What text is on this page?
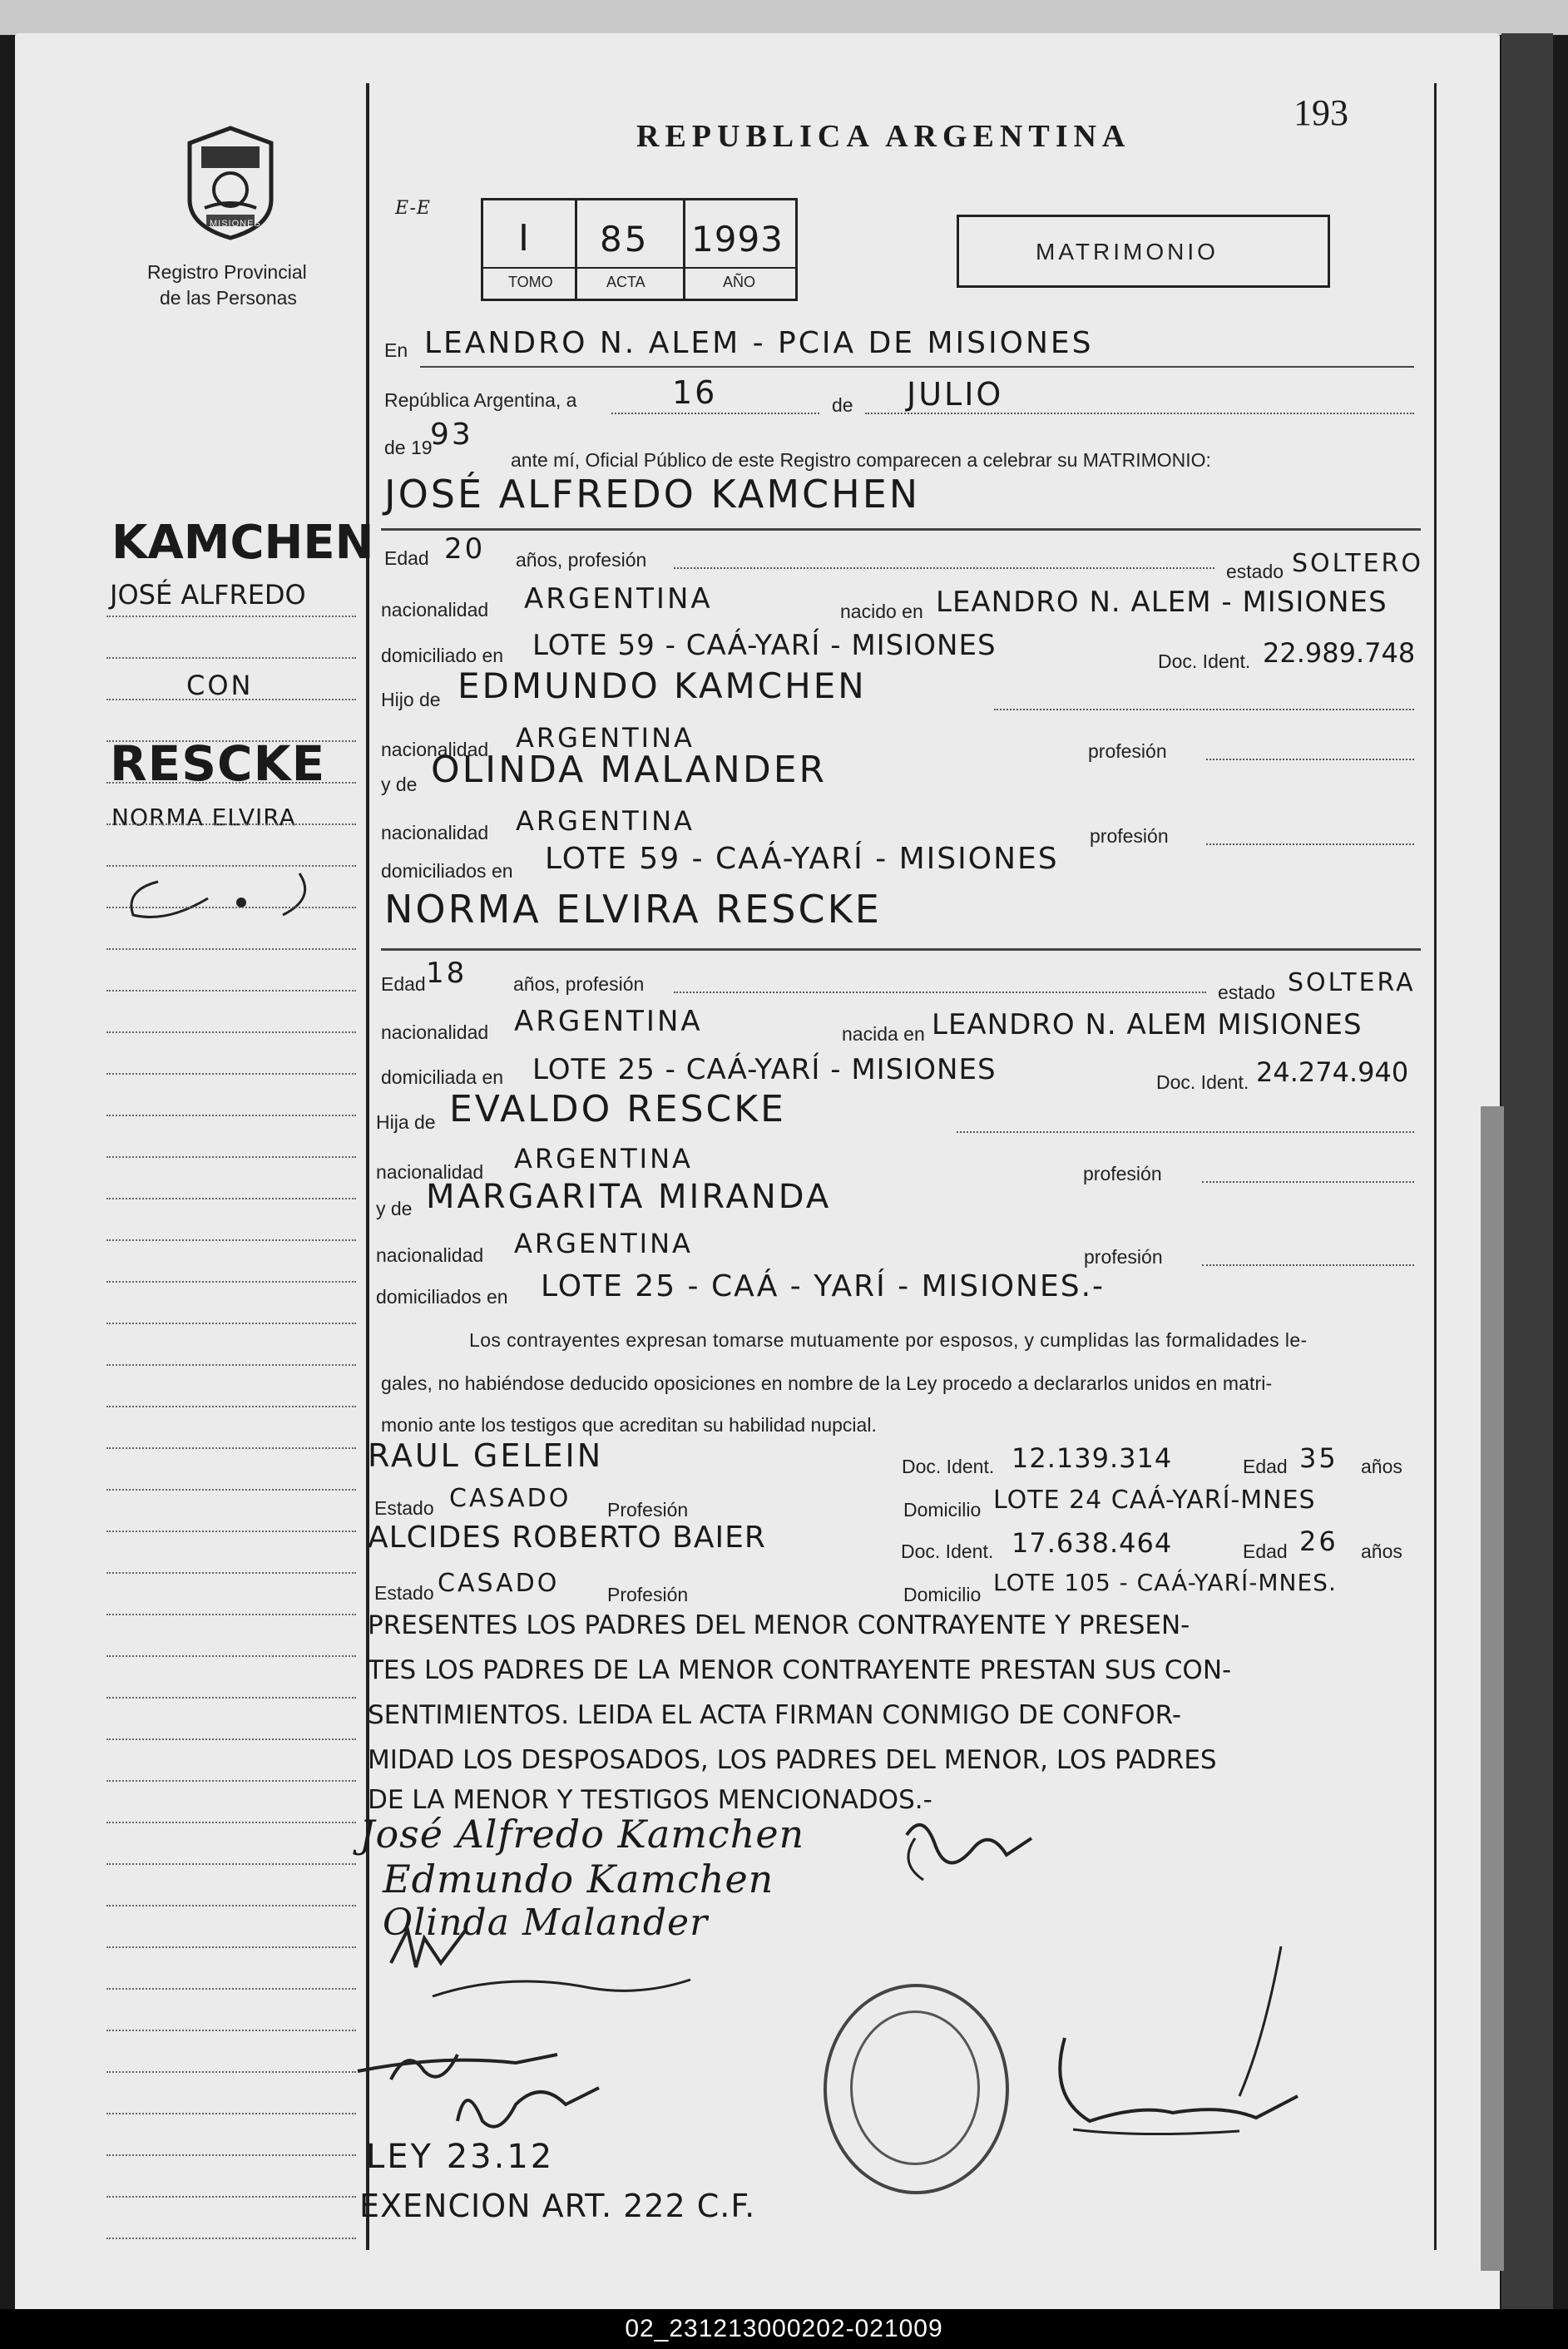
MISIONES
Registro Provincial
de las Personas
REPUBLICA ARGENTINA
193
E-E
I
TOMO
85
ACTA
1993
AÑO
MATRIMONIO
En LEANDRO N. ALEM - PCIA DE MISIONES
República Argentina, a	16	de JULIO
de 19
93
ante mí, Oficial Público de este Registro comparecen a celebrar su MATRIMONIO:
JOSÉ ALFREDO KAMCHEN
Edad 20 años, profesión
estado SOLTERO
nacionalidad ARGENTINA	nacido en LEANDRO N. ALEM - MISIONES
domiciliado en LOTE 59 - CAÁ-YARÍ - MISIONES	Doc. Ident. 22.989.748
Hijo de EDMUNDO KAMCHEN
nacionalidad ARGENTINA	profesión
y de OLINDA MALANDER
nacionalidad ARGENTINA	profesión
domiciliados en LOTE 59 - CAÁ-YARÍ - MISIONES
NORMA ELVIRA RESCKE
Edad 18 años, profesión	estado SOLTERA
nacionalidad ARGENTINA	nacida en LEANDRO N. ALEM MISIONES
domiciliada en LOTE 25 - CAÁ-YARÍ - MISIONES	Doc. Ident. 24.274.940
Hija de EVALDO RESCKE
nacionalidad ARGENTINA	profesión
y de MARGARITA MIRANDA
nacionalidad ARGENTINA	profesión
domiciliados en LOTE 25 - CAÁ - YARÍ - MISIONES.-
Los contrayentes expresan tomarse mutuamente por esposos, y cumplidas las formalidades le-
gales, no habiéndose deducido oposiciones en nombre de la Ley procedo a declararlos unidos en matri-
monio ante los testigos que acreditan su habilidad nupcial.
RAUL GELEIN	Doc. Ident. 12.139.314	Edad 35 años
Estado CASADO Profesión	Domicilio LOTE 24 CAÁ-YARÍ-MNES
ALCIDES ROBERTO BAIER	Doc. Ident. 17.638.464	Edad 26 años
Estado CASADO	Profesión	Domicilio LOTE 105 - CAÁ-YARÍ-MNES.
PRESENTES LOS PADRES DEL MENOR CONTRAYENTE Y PRESEN-
TES LOS PADRES DE LA MENOR CONTRAYENTE PRESTAN SUS CON-
SENTIMIENTOS. LEIDA EL ACTA FIRMAN CONMIGO DE CONFOR-
MIDAD LOS DESPOSADOS, LOS PADRES DEL MENOR, LOS PADRES
DE LA MENOR Y TESTIGOS MENCIONADOS.-
José Alfredo Kamchen
Edmundo Kamchen
Olinda Malander
LEY 23.12
EXENCION ART. 222 C.F.
KAMCHEN
JOSÉ ALFREDO
CON
RESCKE
NORMA ELVIRA
02_231213000202-021009
